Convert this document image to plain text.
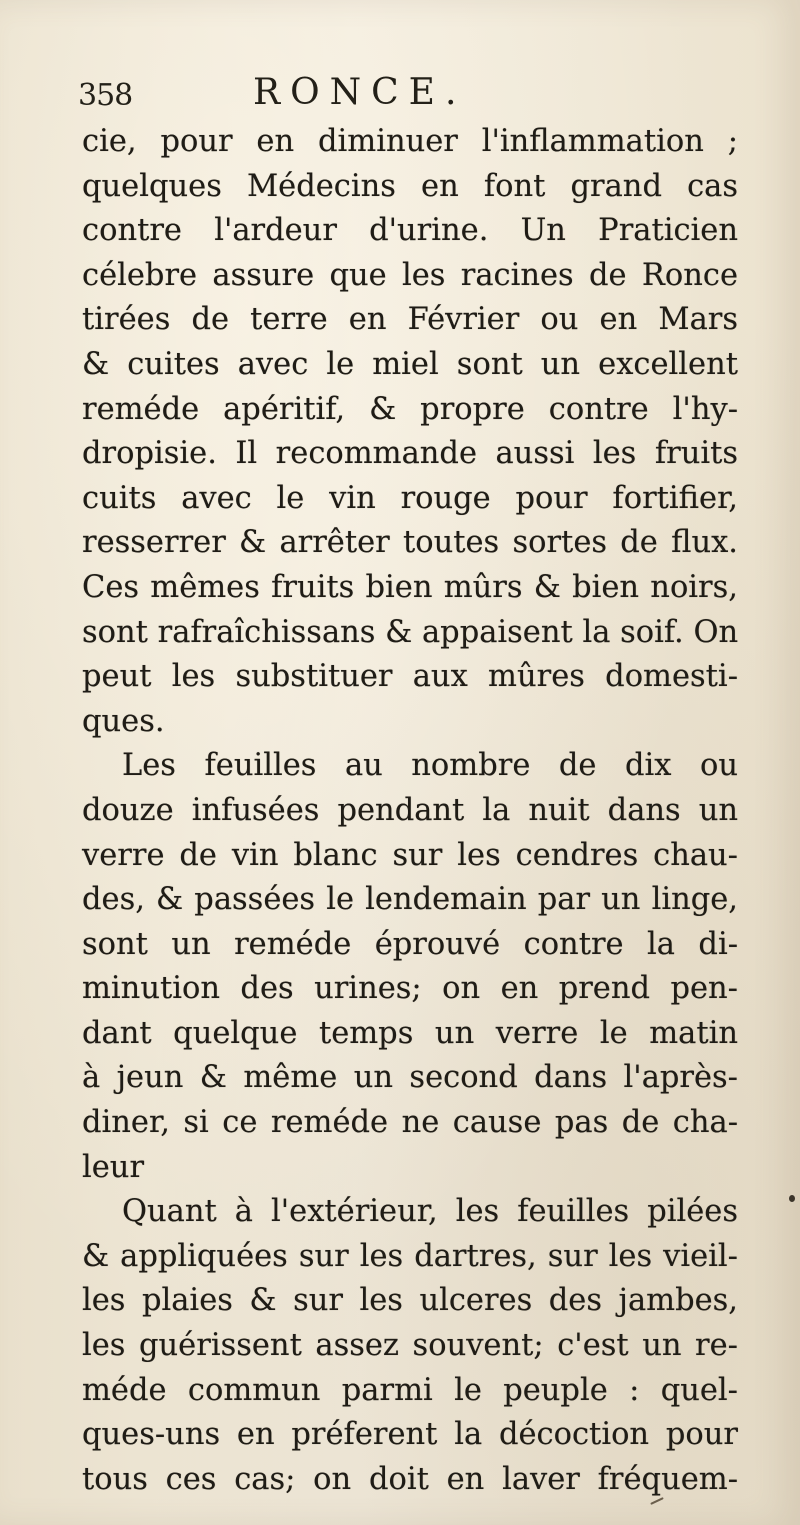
358	RONCE.
cie, pour en diminuer l'inflammation ;
quelques Médecins en font grand cas
contre l'ardeur d'urine. Un Praticien
célebre assure que les racines de Ronce
tirées de terre en Février ou en Mars
& cuites avec le miel sont un excellent
reméde apéritif, & propre contre l'hy-
dropisie. Il recommande aussi les fruits
cuits avec le vin rouge pour fortifier,
resserrer & arrêter toutes sortes de flux.
Ces mêmes fruits bien mûrs & bien noirs,
sont rafraîchissans & appaisent la soif. On
peut les substituer aux mûres domesti-
ques.
Les feuilles au nombre de dix ou
douze infusées pendant la nuit dans un
verre de vin blanc sur les cendres chau-
des, & passées le lendemain par un linge,
sont un reméde éprouvé contre la di-
minution des urines; on en prend pen-
dant quelque temps un verre le matin
à jeun & même un second dans l'après-
diner, si ce reméde ne cause pas de cha-
leur
Quant à l'extérieur, les feuilles pilées
& appliquées sur les dartres, sur les vieil-
les plaies & sur les ulceres des jambes,
les guérissent assez souvent; c'est un re-
méde commun parmi le peuple : quel-
ques-uns en préferent la décoction pour
tous ces cas; on doit en laver fréquem-
